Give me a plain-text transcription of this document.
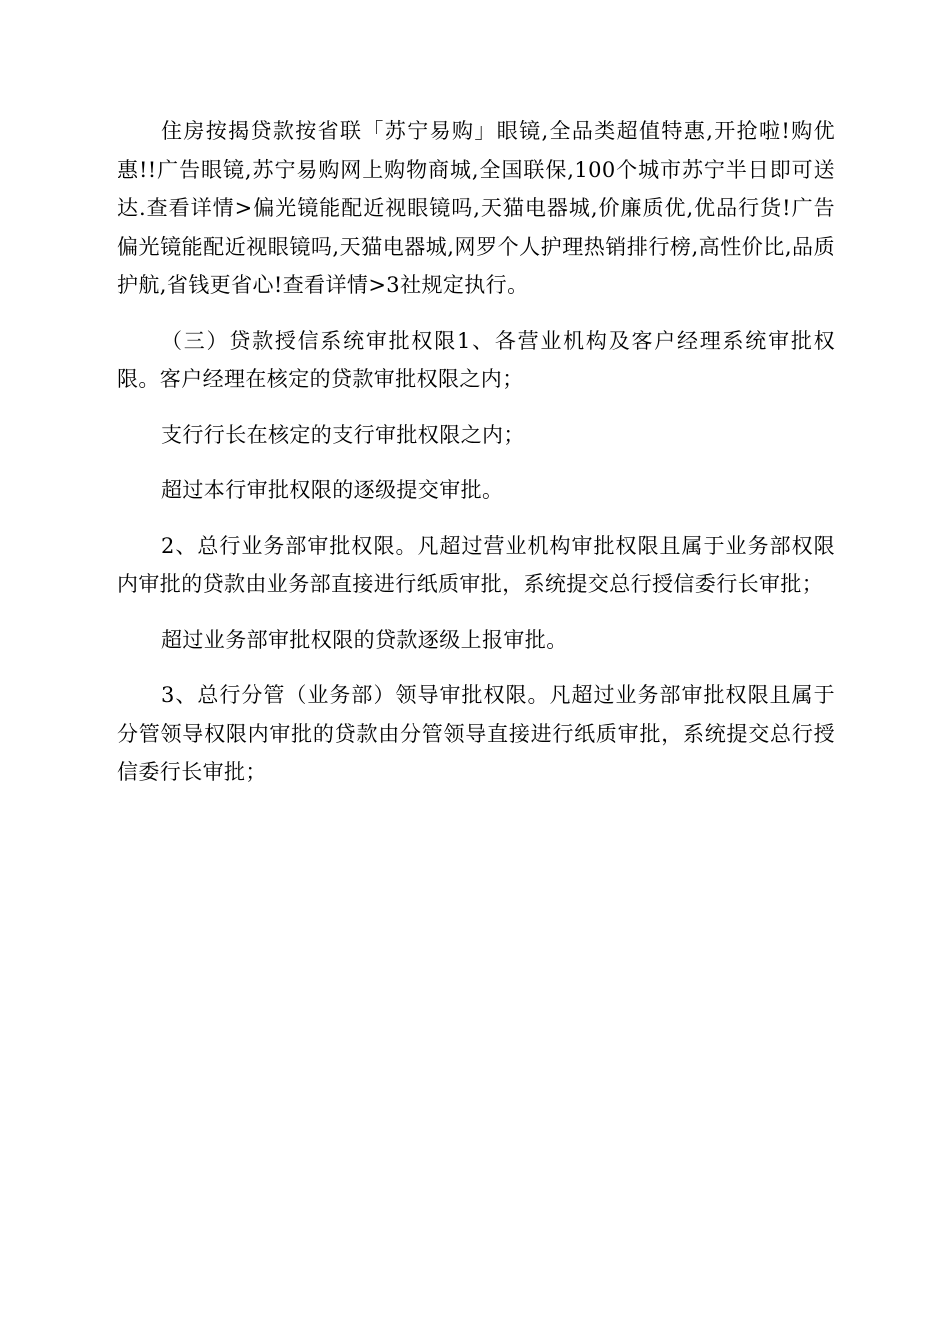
住房按揭贷款按省联「苏宁易购」眼镜,全品类超值特惠,开抢啦!购优惠!!广告眼镜,苏宁易购网上购物商城,全国联保,100个城市苏宁半日即可送达.查看详情>偏光镜能配近视眼镜吗,天猫电器城,价廉质优,优品行货!广告偏光镜能配近视眼镜吗,天猫电器城,网罗个人护理热销排行榜,高性价比,品质护航,省钱更省心!查看详情>3社规定执行。

（三）贷款授信系统审批权限1、各营业机构及客户经理系统审批权限。客户经理在核定的贷款审批权限之内；

支行行长在核定的支行审批权限之内；

超过本行审批权限的逐级提交审批。

2、总行业务部审批权限。凡超过营业机构审批权限且属于业务部权限内审批的贷款由业务部直接进行纸质审批，系统提交总行授信委行长审批；

超过业务部审批权限的贷款逐级上报审批。

3、总行分管（业务部）领导审批权限。凡超过业务部审批权限且属于分管领导权限内审批的贷款由分管领导直接进行纸质审批，系统提交总行授信委行长审批；
